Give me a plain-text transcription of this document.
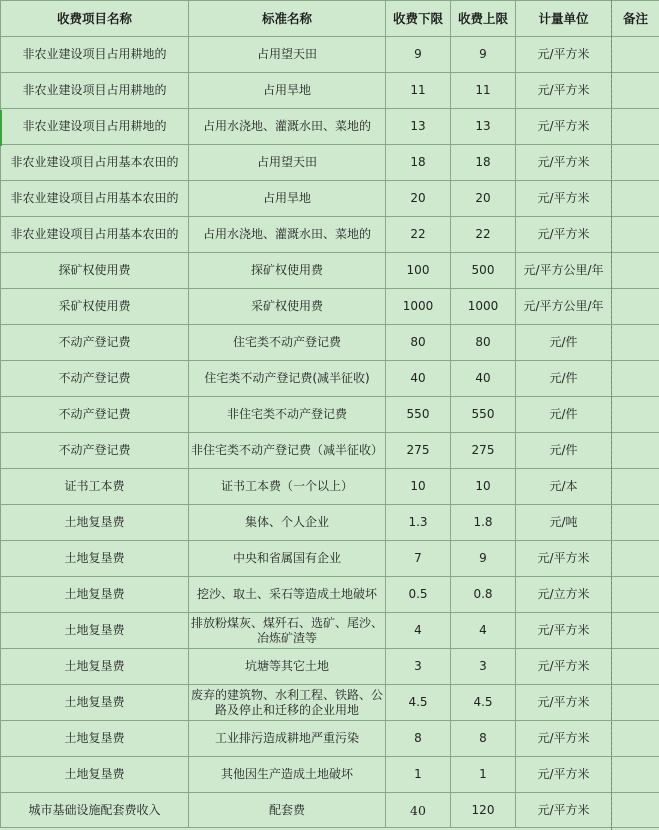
收费项目名称	标准名称	收费下限	收费上限	计量单位	备注
非农业建设项目占用耕地的	占用望天田	9	9	元/平方米	
非农业建设项目占用耕地的	占用旱地	11	11	元/平方米	
非农业建设项目占用耕地的	占用水浇地、灌溉水田、菜地的	13	13	元/平方米	
非农业建设项目占用基本农田的	占用望天田	18	18	元/平方米	
非农业建设项目占用基本农田的	占用旱地	20	20	元/平方米	
非农业建设项目占用基本农田的	占用水浇地、灌溉水田、菜地的	22	22	元/平方米	
探矿权使用费	探矿权使用费	100	500	元/平方公里/年	
采矿权使用费	采矿权使用费	1000	1000	元/平方公里/年	
不动产登记费	住宅类不动产登记费	80	80	元/件	
不动产登记费	住宅类不动产登记费(减半征收)	40	40	元/件	
不动产登记费	非住宅类不动产登记费	550	550	元/件	
不动产登记费	非住宅类不动产登记费（减半征收）	275	275	元/件	
证书工本费	证书工本费（一个以上）	10	10	元/本	
土地复垦费	集体、个人企业	1.3	1.8	元/吨	
土地复垦费	中央和省属国有企业	7	9	元/平方米	
土地复垦费	挖沙、取土、采石等造成土地破坏	0.5	0.8	元/立方米	
土地复垦费	排放粉煤灰、煤歼石、选矿、尾沙、冶炼矿渣等	4	4	元/平方米	
土地复垦费	坑塘等其它土地	3	3	元/平方米	
土地复垦费	废弃的建筑物、水利工程、铁路、公路及停止和迁移的企业用地	4.5	4.5	元/平方米	
土地复垦费	工业排污造成耕地严重污染	8	8	元/平方米	
土地复垦费	其他因生产造成土地破坏	1	1	元/平方米	
城市基础设施配套费收入	配套费	40	120	元/平方米	
